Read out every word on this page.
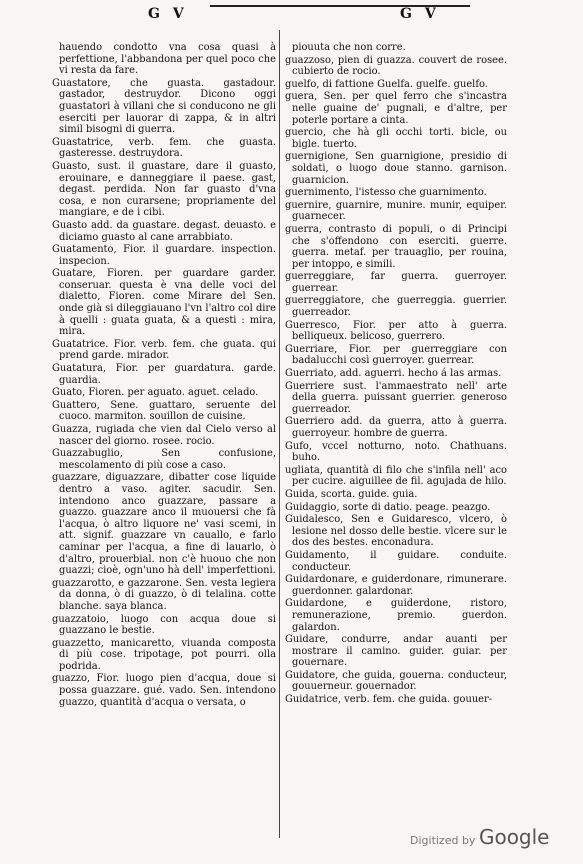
G V	G V

hauendo condotto vna cosa quasi à perfettione, l'abbandona per quel poco che vi resta da fare.

Guastatore, che guasta. gastadour. gastador, destruydor. Dicono oggi guastatori à villani che si conducono ne gli eserciti per lauorar di zappa, & in altri simil bisogni di guerra.

Guastatrice, verb. fem. che guasta. gasteresse. destruydora.

Guasto, sust. il guastare, dare il guasto, erouinare, e danneggiare il paese. gast, degast. perdida. Non far guasto d'vna cosa, e non curarsene; propriamente del mangiare, e de i cibi.

Guasto add. da guastare. degast. deuasto. e diciamo guasto al cane arrabbiato.

Guatamento, Fior. il guardare. inspection. inspecion.

Guatare, Fioren. per guardare garder. conseruar. questa è vna delle voci del dialetto, Fioren. come Mirare del Sen. onde già si dileggiauano l'vn l'altro col dire à quelli : guata guata, & a questi : mira, mira.

Guatatrice. Fior. verb. fem. che guata. qui prend garde. mirador.

Guatatura, Fior. per guardatura. garde. guardia.

Guato, Fioren. per aguato. aguet. celado.

Guattero, Sene. guattaro, seruente del cuoco. marmiton. souillon de cuisine.

Guazza, rugiada che vien dal Cielo verso al nascer del giorno. rosee. rocio.

Guazzabuglio, Sen confusione, mescolamento di più cose a caso.

guazzare, diguazzare, dibatter cose liquide dentro a vaso. agiter. sacudir. Sen. intendono anco guazzare, passare a guazzo. guazzare anco il muouersi che fà l'acqua, ò altro liquore ne' vasi scemi, in att. signif. guazzare vn cauallo, e farlo caminar per l'acqua, a fine di lauarlo, ò d'altro, prouerbial. non c'è huouo che non guazzi; cioè, ogn'uno hà dell' imperfettioni.

guazzarotto, e gazzarone. Sen. vesta legiera da donna, ò di guazzo, ò di telalina. cotte blanche. saya blanca.

guazzatoio, luogo con acqua doue si guazzano le bestie.

guazzetto, manicaretto, viuanda composta di più cose. tripotage, pot pourri. olla podrida.

guazzo, Fior. luogo pien d'acqua, doue si possa guazzare. gué. vado. Sen. intendono guazzo, quantità d'acqua o versata, o

piouuta che non corre.

guazzoso, pien di guazza. couvert de rosee. cubierto de rocio.

guelfo, di fattione Guelfa. guelfe. guelfo.

guera, Sen. per quel ferro che s'incastra nelle guaine de' pugnali, e d'altre, per poterle portare a cinta.

guercio, che hà gli occhi torti. bicle, ou bigle. tuerto.

guernigione, Sen guarnigione, presidio di soldati, o luogo doue stanno. garnison. guarnicion.

guernimento, l'istesso che guarnimento.

guernire, guarnire, munire. munir, equiper. guarnecer.

guerra, contrasto di populi, o di Principi che s'offendono con eserciti. guerre. guerra. metaf. per trauaglio, per rouina, per intoppo, e simili.

guerreggiare, far guerra. guerroyer. guerrear.

guerreggiatore, che guerreggia. guerrier. guerreador.

Guerresco, Fior. per atto à guerra. belliqueux. belicoso, guerrero.

Guerriare, Fior. per guerreggiare con badalucchi così guerroyer. guerrear.

Guerriato, add. aguerri. hecho á las armas.

Guerriere sust. l'ammaestrato nell' arte della guerra. puissant guerrier. generoso guerreador.

Guerriero add. da guerra, atto à guerra. guerroyeur. hombre de guerra.

Gufo, vccel notturno, noto. Chathuans. buho.

ugliata, quantità di filo che s'infila nell' aco per cucire. aiguillee de fil. agujada de hilo.

Guida, scorta. guide. guia.

Guidaggio, sorte di datio. peage. peazgo.

Guidalesco, Sen e Guidaresco, vlcero, ò lesione nel dosso delle bestie. vlcere sur le dos des bestes. enconadura.

Guidamento, il guidare. conduite. conducteur.

Guidardonare, e guiderdonare, rimunerare. guerdonner. galardonar.

Guidardone, e guiderdone, ristoro, remunerazione, premio. guerdon. galardon.

Guidare, condurre, andar auanti per mostrare il camino. guider. guiar. per gouernare.

Guidatore, che guida, gouerna. conducteur, gouuerneur. gouernador.

Guidatrice, verb. fem. che guida. gouuer-

Digitized by Google
